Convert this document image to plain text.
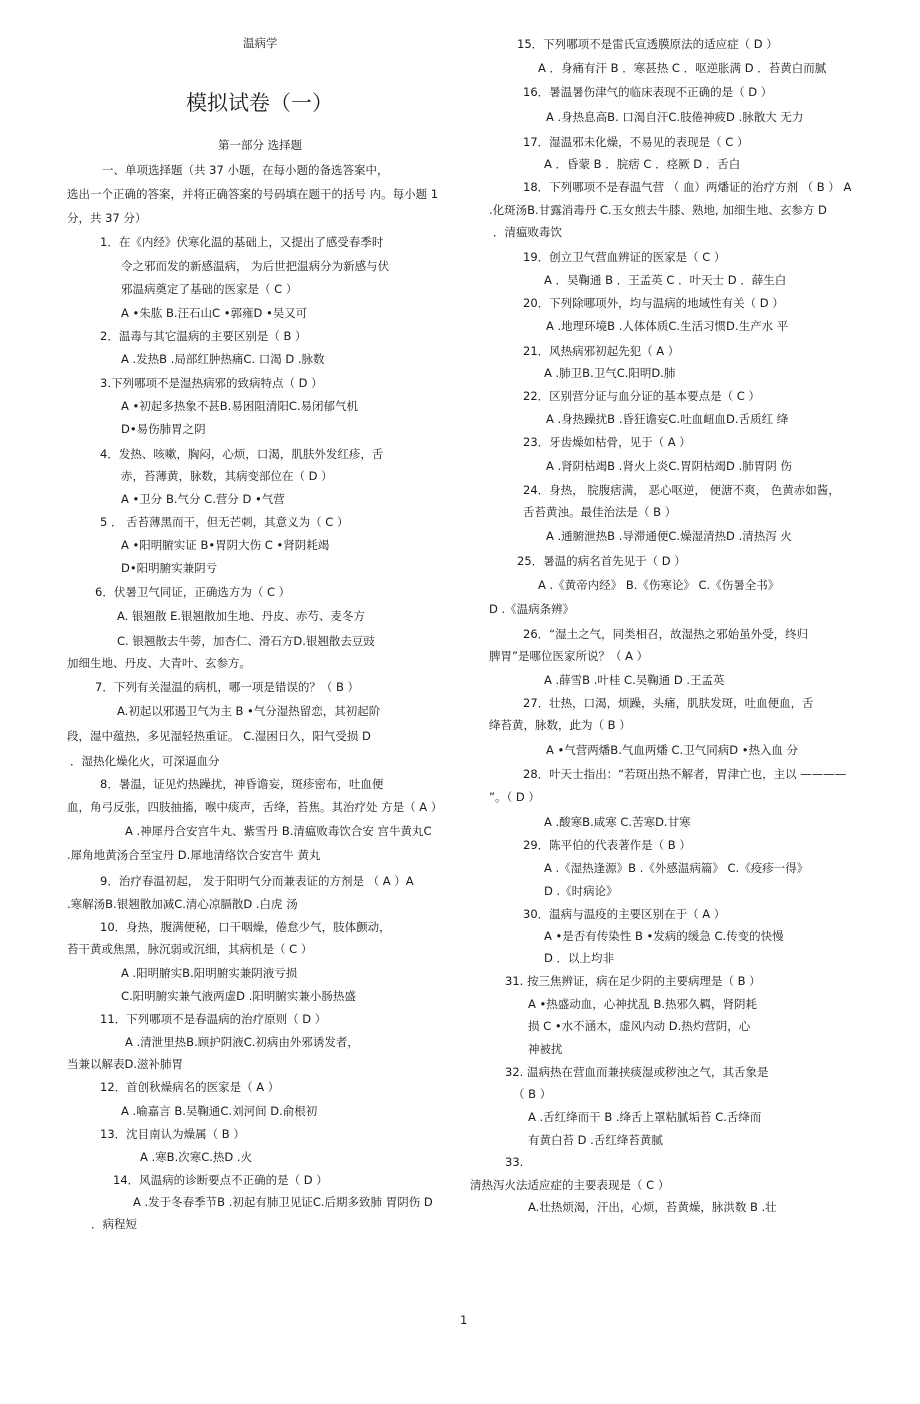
温病学
模拟试卷（一）
第一部分 选择题
一、单项选择题（共 37 小题，在每小题的备选答案中，
选出一个正确的答案，并将正确答案的号码填在题干的括号 内。每小题 1
分，共 37 分）
1．在《内经》伏寒化温的基础上，又提出了感受春季时
令之邪而发的新感温病， 为后世把温病分为新感与伏
邪温病奠定了基础的医家是（ C ）
A •朱肱 B.汪石山C •郭雍D •吴又可
2．温毒与其它温病的主要区别是（ B ）
A .发热B .局部红肿热痛C. 口渴 D .脉数
3.下列哪项不是湿热病邪的致病特点（ D ）
A •初起多热象不甚B.易困阻清阳C.易闭郁气机
D•易伤肺胃之阴
4．发热、咳嗽，胸闷，心烦，口渴，肌肤外发红疹，舌
赤，苔薄黄，脉数，其病变部位在（ D ）
A •卫分 B.气分 C.营分 D •气营
5 ． 舌苔薄黑而干，但无芒刺，其意义为（ C ）
A •阳明腑实证 B•胃阴大伤 C •肾阴耗竭
D•阳明腑实兼阴亏
6．伏暑卫气同证，正确选方为（ C ）
A. 银翘散 E.银翘散加生地、丹皮、赤芍、麦冬方
C. 银翘散去牛蒡，加杏仁、滑石方D.银翘散去豆豉
加细生地、丹皮、大青叶、玄参方。
7．下列有关湿温的病机，哪一项是错误的？（ B ）
A.初起以邪遏卫气为主 B •气分湿热留恋，其初起阶
段，湿中蕴热，多见湿轻热重证。 C.湿困日久，阳气受损 D
．湿热化燥化火，可深逼血分
8．暑温，证见灼热躁扰，神昏谵妄，斑疹密布，吐血便
血，角弓反张，四肢抽搐，喉中痰声，舌绛，苔焦。其治疗处 方是（ A ）
A .神犀丹合安宫牛丸、紫雪丹 B.清瘟败毒饮合安 宫牛黄丸C
.犀角地黄汤合至宝丹 D.犀地清络饮合安宫牛 黄丸
9．治疗春温初起， 发于阳明气分而兼表证的方剂是 （ A ）A
.寒解汤B.银翘散加减C.清心凉膈散D .白虎 汤
10．身热，腹满便秘，口干咽燥，倦怠少气，肢体颤动，
苔干黄或焦黑，脉沉弱或沉细，其病机是（ C ）
A .阳明腑实B.阳明腑实兼阴液亏损
C.阳明腑实兼气液两虚D .阳明腑实兼小肠热盛
11．下列哪项不是春温病的治疗原则（ D ）
A .清泄里热B.顾护阴液C.初病由外邪诱发者，
当兼以解表D.滋补肺胃
12．首创秋燥病名的医家是（ A ）
A .喻嘉言 B.吴鞠通C.刘河间 D.俞根初
13．沈目南认为燥属（ B ）
A .寒B.次寒C.热D .火
14．风温病的诊断要点不正确的是（ D ）
A .发于冬春季节B .初起有肺卫见证C.后期多致肺 胃阴伤 D
．病程短
15．下列哪项不是雷氏宣透膜原法的适应症（ D ）
A ．身痛有汗 B ．寒甚热 C ．呕逆胀满 D ．苔黄白而腻
16．暑温暑伤津气的临床表现不正确的是（ D ）
A .身热息高B. 口渴自汗C.肢倦神疲D .脉散大 无力
17．湿温邪未化燥，不易见的表现是（ C ）
A ．昏蒙 B ．脘痞 C ．痉厥 D ．舌白
18．下列哪项不是春温气营 （ 血）两燔证的治疗方剂 （ B ） A
.化斑汤B.甘露消毒丹 C.玉女煎去牛膝、熟地, 加细生地、玄参方 D
．清瘟败毒饮
19．创立卫气营血辨证的医家是（ C ）
A ．吴鞠通 B ．王孟英 C ．叶天士 D ．薛生白
20．下列除哪项外，均与温病的地域性有关（ D ）
A .地理环境B .人体体质C.生活习惯D.生产水 平
21．风热病邪初起先犯（ A ）
A .肺卫B.卫气C.阳明D.肺
22．区别营分证与血分证的基本要点是（ C ）
A .身热躁扰B .昏狂谵妄C.吐血衄血D.舌质红 绛
23．牙齿燥如枯骨，见于（ A ）
A .肾阴枯竭B .肾火上炎C.胃阴枯竭D .肺胃阴 伤
24．身热， 脘腹痞满， 恶心呕逆， 便溏不爽， 色黄赤如酱，
舌苔黄浊。最佳治法是（ B ）
A .通腑泄热B .导滞通便C.燥湿清热D .清热泻 火
25．暑温的病名首先见于（ D ）
A .《黄帝内经》 B.《伤寒论》 C.《伤暑全书》
D .《温病条辨》
26．“湿土之气，同类相召，故湿热之邪始虽外受，终归
脾胃”是哪位医家所说？（ A ）
A .薛雪B .叶桂 C.吴鞠通 D .王孟英
27．壮热，口渴，烦躁，头痛，肌肤发斑，吐血便血，舌
绛苔黄，脉数，此为（ B ）
A •气营两燔B.气血两燔 C.卫气同病D •热入血 分
28．叶天士指出：“若斑出热不解者，胃津亡也，主以 ————
”。（ D ）
A .酸寒B.咸寒 C.苦寒D.甘寒
29．陈平伯的代表著作是（ B ）
A .《湿热逢源》B .《外感温病篇》 C.《疫疹一得》
D .《时病论》
30．温病与温疫的主要区别在于（ A ）
A •是否有传染性 B •发病的缓急 C.传变的快慢
D ．以上均非
31. 按三焦辨证，病在足少阴的主要病理是（ B ）
A •热盛动血，心神扰乱 B.热邪久羁，肾阴耗
损 C •水不涵木，虚风内动 D.热灼营阴，心
神被扰
32. 温病热在营血而兼挟痰湿或秽浊之气，其舌象是
（ B ）
A .舌红绛而干 B .绛舌上罩粘腻垢苔 C.舌绛而
有黄白苔 D .舌红绛苔黄腻
33.
清热泻火法适应症的主要表现是（ C ）
A.壮热烦渴，汗出，心烦，苔黄燥，脉洪数 B .壮
1
